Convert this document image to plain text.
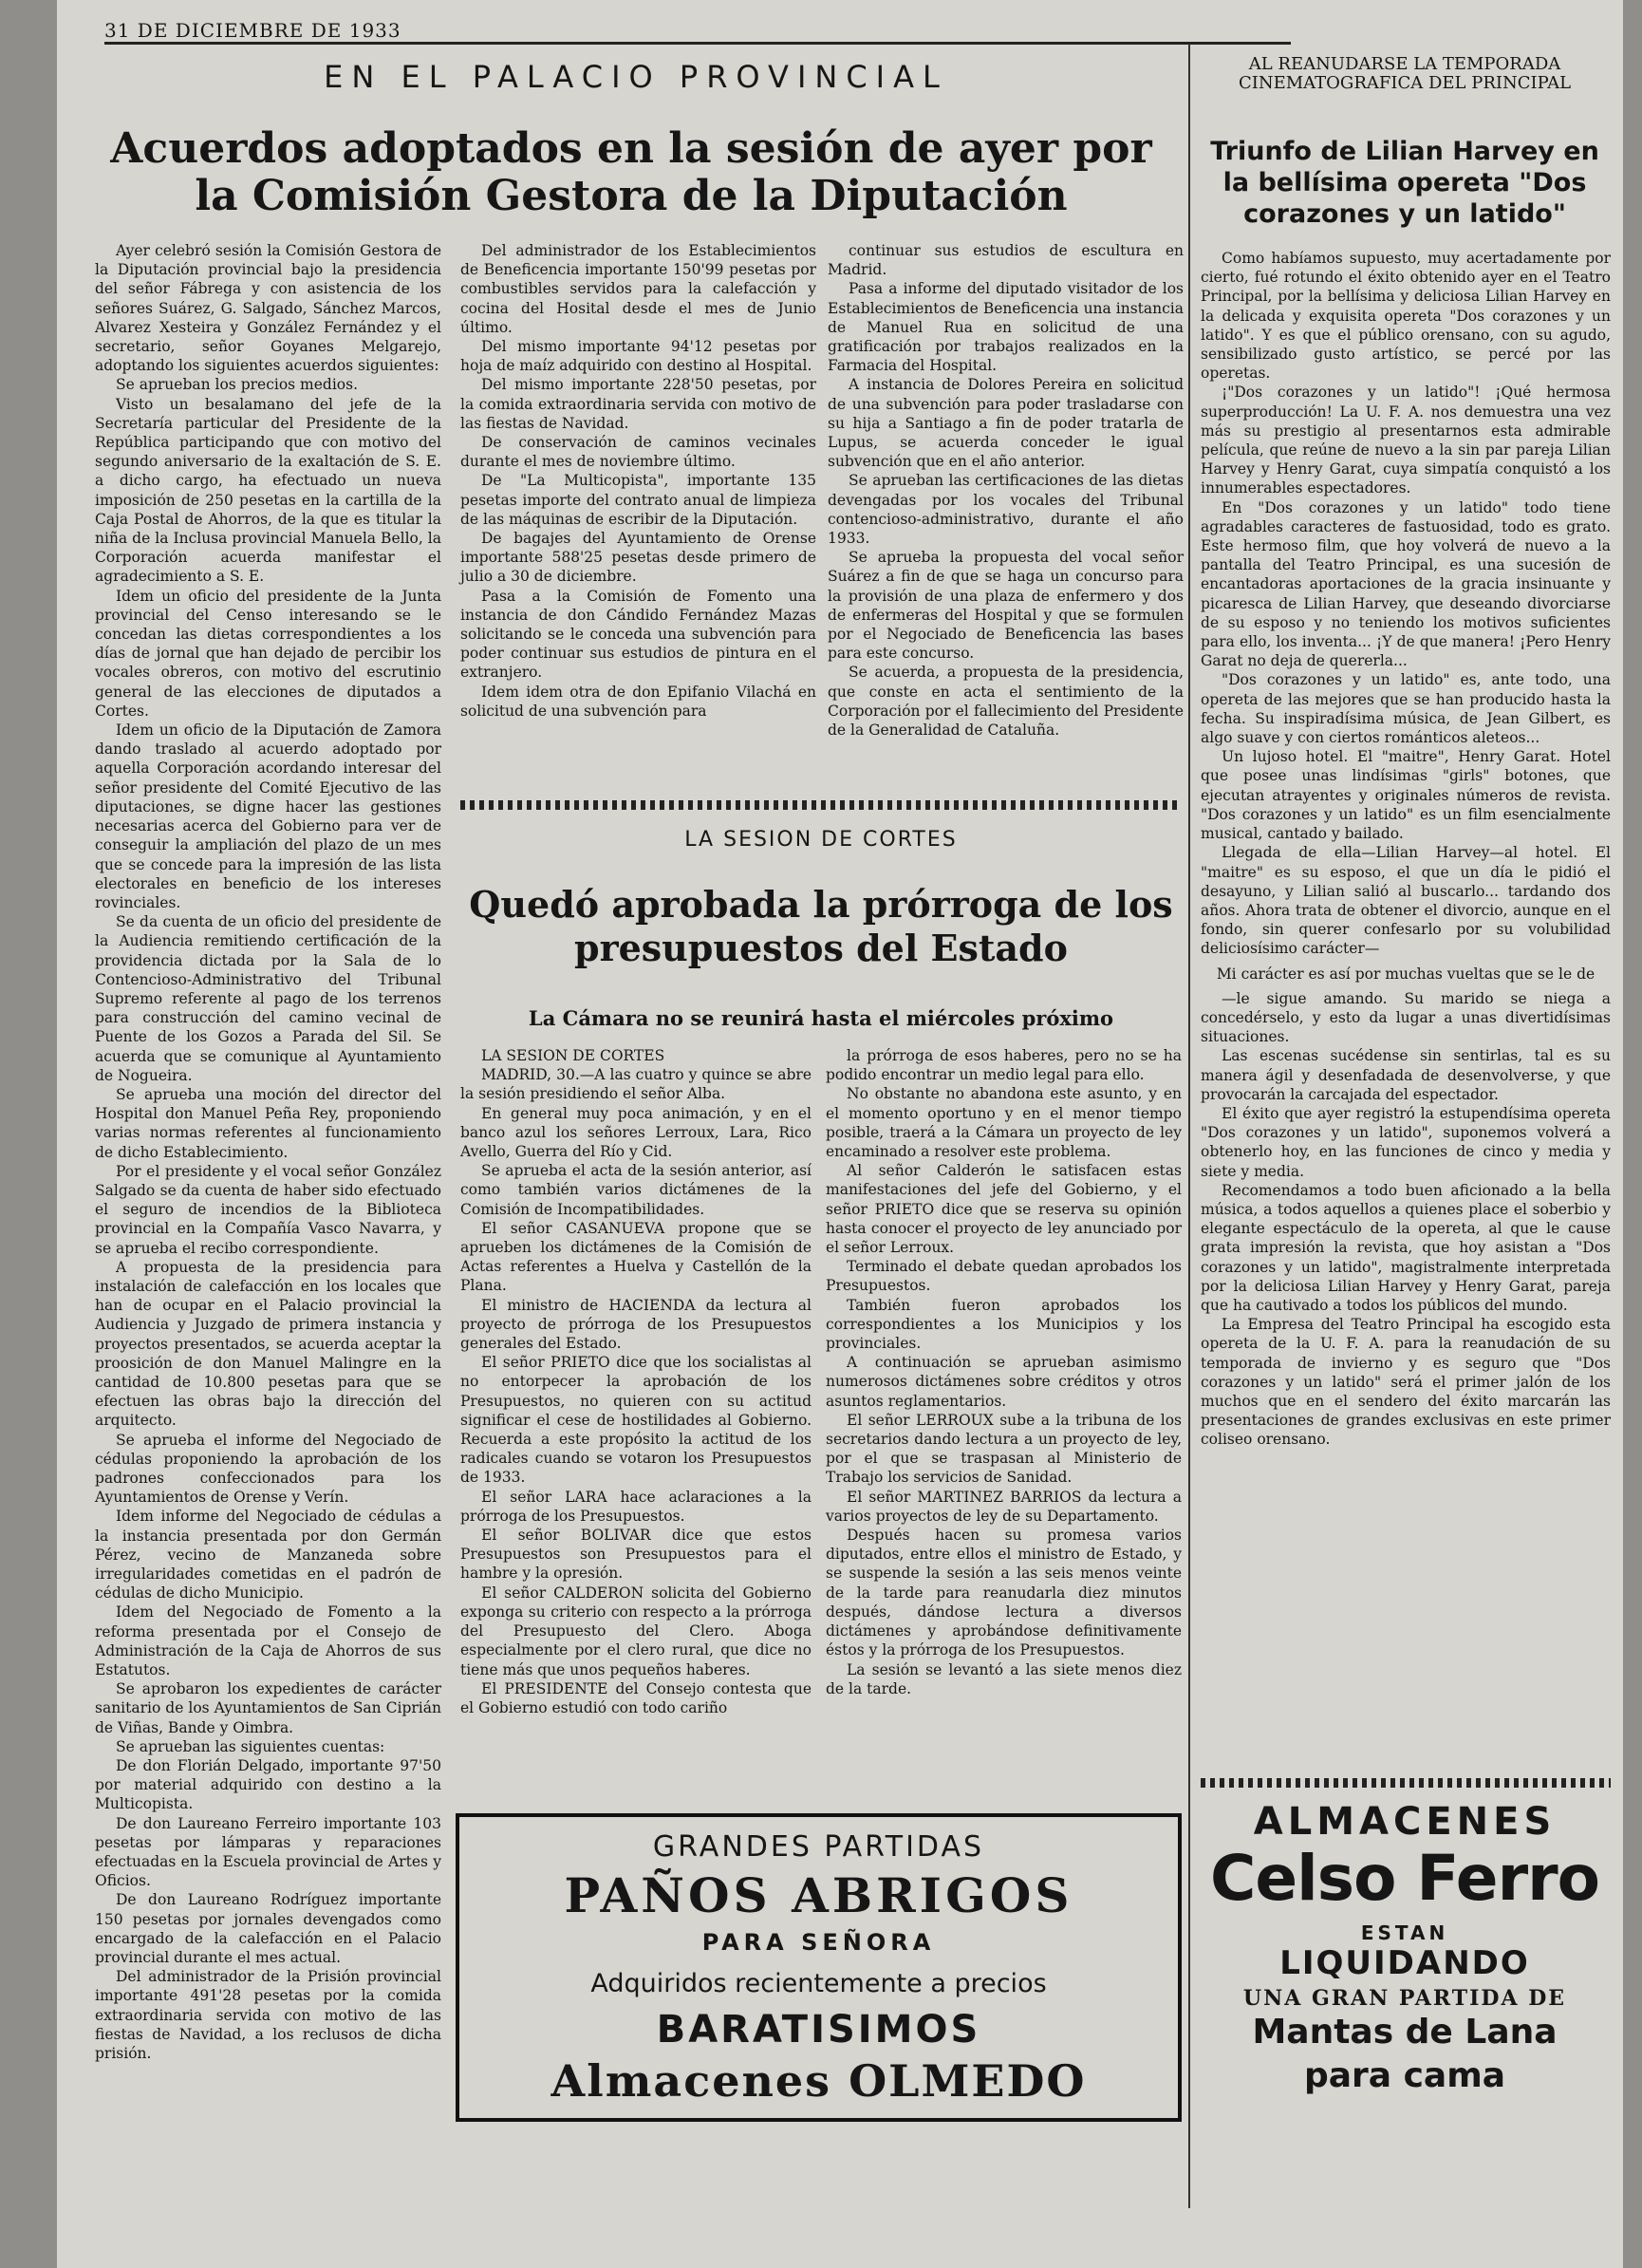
31 DE DICIEMBRE DE 1933
EN EL PALACIO PROVINCIAL
Acuerdos adoptados en la sesión de ayer por la Comisión Gestora de la Diputación

Ayer celebró sesión la Comisión Gestora de la Diputación provincial bajo la presidencia del señor Fábrega y con asistencia de los señores Suárez, G. Salgado, Sánchez Marcos, Alvarez Xesteira y González Fernández y el secretario, señor Goyanes Melgarejo, adoptando los siguientes acuerdos siguientes:

Se aprueban los precios medios.

Visto un besalamano del jefe de la Secretaría particular del Presidente de la República participando que con motivo del segundo aniversario de la exaltación de S. E. a dicho cargo, ha efectuado un nueva imposición de 250 pesetas en la cartilla de la Caja Postal de Ahorros, de la que es titular la niña de la Inclusa provincial Manuela Bello, la Corporación acuerda manifestar el agradecimiento a S. E.

Idem un oficio del presidente de la Junta provincial del Censo interesando se le concedan las dietas correspondientes a los días de jornal que han dejado de percibir los vocales obreros, con motivo del escrutinio general de las elecciones de diputados a Cortes.

Idem un oficio de la Diputación de Zamora dando traslado al acuerdo adoptado por aquella Corporación acordando interesar del señor presidente del Comité Ejecutivo de las diputaciones, se digne hacer las gestiones necesarias acerca del Gobierno para ver de conseguir la ampliación del plazo de un mes que se concede para la impresión de las lista electorales en beneficio de los intereses rovinciales.

Se da cuenta de un oficio del presidente de la Audiencia remitiendo certificación de la providencia dictada por la Sala de lo Contencioso-Administrativo del Tribunal Supremo referente al pago de los terrenos para construcción del camino vecinal de Puente de los Gozos a Parada del Sil. Se acuerda que se comunique al Ayuntamiento de Nogueira.

Se aprueba una moción del director del Hospital don Manuel Peña Rey, proponiendo varias normas referentes al funcionamiento de dicho Establecimiento.

Por el presidente y el vocal señor González Salgado se da cuenta de haber sido efectuado el seguro de incendios de la Biblioteca provincial en la Compañía Vasco Navarra, y se aprueba el recibo correspondiente.

A propuesta de la presidencia para instalación de calefacción en los locales que han de ocupar en el Palacio provincial la Audiencia y Juzgado de primera instancia y proyectos presentados, se acuerda aceptar la proosición de don Manuel Malingre en la cantidad de 10.800 pesetas para que se efectuen las obras bajo la dirección del arquitecto.

Se aprueba el informe del Negociado de cédulas proponiendo la aprobación de los padrones confeccionados para los Ayuntamientos de Orense y Verín.

Idem informe del Negociado de cédulas a la instancia presentada por don Germán Pérez, vecino de Manzaneda sobre irregularidades cometidas en el padrón de cédulas de dicho Municipio.

Idem del Negociado de Fomento a la reforma presentada por el Consejo de Administración de la Caja de Ahorros de sus Estatutos.

Se aprobaron los expedientes de carácter sanitario de los Ayuntamientos de San Ciprián de Viñas, Bande y Oimbra.

Se aprueban las siguientes cuentas:

De don Florián Delgado, importante 97'50 por material adquirido con destino a la Multicopista.

De don Laureano Ferreiro importante 103 pesetas por lámparas y reparaciones efectuadas en la Escuela provincial de Artes y Oficios.

De don Laureano Rodríguez importante 150 pesetas por jornales devengados como encargado de la calefacción en el Palacio provincial durante el mes actual.

Del administrador de la Prisión provincial importante 491'28 pesetas por la comida extraordinaria servida con motivo de las fiestas de Navidad, a los reclusos de dicha prisión.

Del administrador de los Establecimientos de Beneficencia importante 150'99 pesetas por combustibles servidos para la calefacción y cocina del Hosital desde el mes de Junio último.

Del mismo importante 94'12 pesetas por hoja de maíz adquirido con destino al Hospital.

Del mismo importante 228'50 pesetas, por la comida extraordinaria servida con motivo de las fiestas de Navidad.

De conservación de caminos vecinales durante el mes de noviembre último.

De "La Multicopista", importante 135 pesetas importe del contrato anual de limpieza de las máquinas de escribir de la Diputación.

De bagajes del Ayuntamiento de Orense importante 588'25 pesetas desde primero de julio a 30 de diciembre.

Pasa a la Comisión de Fomento una instancia de don Cándido Fernández Mazas solicitando se le conceda una subvención para poder continuar sus estudios de pintura en el extranjero.

Idem idem otra de don Epifanio Vilachá en solicitud de una subvención para

continuar sus estudios de escultura en Madrid.

Pasa a informe del diputado visitador de los Establecimientos de Beneficencia una instancia de Manuel Rua en solicitud de una gratificación por trabajos realizados en la Farmacia del Hospital.

A instancia de Dolores Pereira en solicitud de una subvención para poder trasladarse con su hija a Santiago a fin de poder tratarla de Lupus, se acuerda conceder le igual subvención que en el año anterior.

Se aprueban las certificaciones de las dietas devengadas por los vocales del Tribunal contencioso-administrativo, durante el año 1933.

Se aprueba la propuesta del vocal señor Suárez a fin de que se haga un concurso para la provisión de una plaza de enfermero y dos de enfermeras del Hospital y que se formulen por el Negociado de Beneficencia las bases para este concurso.

Se acuerda, a propuesta de la presidencia, que conste en acta el sentimiento de la Corporación por el fallecimiento del Presidente de la Generalidad de Cataluña.

LA SESION DE CORTES
Quedó aprobada la prórroga de los presupuestos del Estado
La Cámara no se reunirá hasta el miércoles próximo

LA SESION DE CORTES

MADRID, 30.—A las cuatro y quince se abre la sesión presidiendo el señor Alba.

En general muy poca animación, y en el banco azul los señores Lerroux, Lara, Rico Avello, Guerra del Río y Cid.

Se aprueba el acta de la sesión anterior, así como también varios dictámenes de la Comisión de Incompatibilidades.

El señor CASANUEVA propone que se aprueben los dictámenes de la Comisión de Actas referentes a Huelva y Castellón de la Plana.

El ministro de HACIENDA da lectura al proyecto de prórroga de los Presupuestos generales del Estado.

El señor PRIETO dice que los socialistas al no entorpecer la aprobación de los Presupuestos, no quieren con su actitud significar el cese de hostilidades al Gobierno. Recuerda a este propósito la actitud de los radicales cuando se votaron los Presupuestos de 1933.

El señor LARA hace aclaraciones a la prórroga de los Presupuestos.

El señor BOLIVAR dice que estos Presupuestos son Presupuestos para el hambre y la opresión.

El señor CALDERON solicita del Gobierno exponga su criterio con respecto a la prórroga del Presupuesto del Clero. Aboga especialmente por el clero rural, que dice no tiene más que unos pequeños haberes.

El PRESIDENTE del Consejo contesta que el Gobierno estudió con todo cariño

la prórroga de esos haberes, pero no se ha podido encontrar un medio legal para ello.

No obstante no abandona este asunto, y en el momento oportuno y en el menor tiempo posible, traerá a la Cámara un proyecto de ley encaminado a resolver este problema.

Al señor Calderón le satisfacen estas manifestaciones del jefe del Gobierno, y el señor PRIETO dice que se reserva su opinión hasta conocer el proyecto de ley anunciado por el señor Lerroux.

Terminado el debate quedan aprobados los Presupuestos.

También fueron aprobados los correspondientes a los Municipios y los provinciales.

A continuación se aprueban asimismo numerosos dictámenes sobre créditos y otros asuntos reglamentarios.

El señor LERROUX sube a la tribuna de los secretarios dando lectura a un proyecto de ley, por el que se traspasan al Ministerio de Trabajo los servicios de Sanidad.

El señor MARTINEZ BARRIOS da lectura a varios proyectos de ley de su Departamento.

Después hacen su promesa varios diputados, entre ellos el ministro de Estado, y se suspende la sesión a las seis menos veinte de la tarde para reanudarla diez minutos después, dándose lectura a diversos dictámenes y aprobándose definitivamente éstos y la prórroga de los Presupuestos.

La sesión se levantó a las siete menos diez de la tarde.

GRANDES PARTIDAS
PAÑOS ABRIGOS
PARA SEÑORA
Adquiridos recientemente a precios
BARATISIMOS
Almacenes OLMEDO
AL REANUDARSE LA TEMPORADA CINEMATOGRAFICA DEL PRINCIPAL
Triunfo de Lilian Harvey en la bellísima opereta "Dos corazones y un latido"

Como habíamos supuesto, muy acertadamente por cierto, fué rotundo el éxito obtenido ayer en el Teatro Principal, por la bellísima y deliciosa Lilian Harvey en la delicada y exquisita opereta "Dos corazones y un latido". Y es que el público orensano, con su agudo, sensibilizado gusto artístico, se percé por las operetas.

¡"Dos corazones y un latido"! ¡Qué hermosa superproducción! La U. F. A. nos demuestra una vez más su prestigio al presentarnos esta admirable película, que reúne de nuevo a la sin par pareja Lilian Harvey y Henry Garat, cuya simpatía conquistó a los innumerables espectadores.

En "Dos corazones y un latido" todo tiene agradables caracteres de fastuosidad, todo es grato. Este hermoso film, que hoy volverá de nuevo a la pantalla del Teatro Principal, es una sucesión de encantadoras aportaciones de la gracia insinuante y picaresca de Lilian Harvey, que deseando divorciarse de su esposo y no teniendo los motivos suficientes para ello, los inventa... ¡Y de que manera! ¡Pero Henry Garat no deja de quererla...

"Dos corazones y un latido" es, ante todo, una opereta de las mejores que se han producido hasta la fecha. Su inspiradísima música, de Jean Gilbert, es algo suave y con ciertos románticos aleteos...

Un lujoso hotel. El "maitre", Henry Garat. Hotel que posee unas lindísimas "girls" botones, que ejecutan atrayentes y originales números de revista. "Dos corazones y un latido" es un film esencialmente musical, cantado y bailado.

Llegada de ella—Lilian Harvey—al hotel. El "maitre" es su esposo, el que un día le pidió el desayuno, y Lilian salió al buscarlo... tardando dos años. Ahora trata de obtener el divorcio, aunque en el fondo, sin querer confesarlo por su volubilidad deliciosísimo carácter—

Mi carácter es así por muchas vueltas que se le de

—le sigue amando. Su marido se niega a concedérselo, y esto da lugar a unas divertidísimas situaciones.

Las escenas sucédense sin sentirlas, tal es su manera ágil y desenfadada de desenvolverse, y que provocarán la carcajada del espectador.

El éxito que ayer registró la estupendísima opereta "Dos corazones y un latido", suponemos volverá a obtenerlo hoy, en las funciones de cinco y media y siete y media.

Recomendamos a todo buen aficionado a la bella música, a todos aquellos a quienes place el soberbio y elegante espectáculo de la opereta, al que le cause grata impresión la revista, que hoy asistan a "Dos corazones y un latido", magistralmente interpretada por la deliciosa Lilian Harvey y Henry Garat, pareja que ha cautivado a todos los públicos del mundo.

La Empresa del Teatro Principal ha escogido esta opereta de la U. F. A. para la reanudación de su temporada de invierno y es seguro que "Dos corazones y un latido" será el primer jalón de los muchos que en el sendero del éxito marcarán las presentaciones de grandes exclusivas en este primer coliseo orensano.

ALMACENES
Celso Ferro
ESTAN
LIQUIDANDO
UNA GRAN PARTIDA DE
Mantas de Lana
para cama
